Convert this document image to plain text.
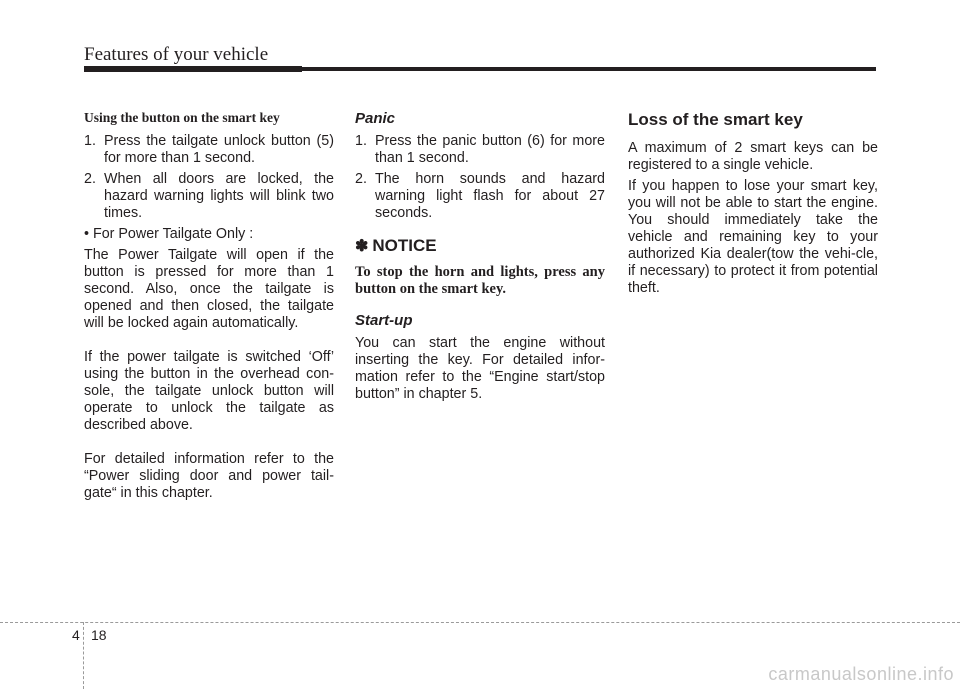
Features of your vehicle
Using the button on the smart key
1. Press the tailgate unlock button (5) for more than 1 second.
2. When all doors are locked, the hazard warning lights will blink two times.

• For Power Tailgate Only :

The Power Tailgate will open if the button is pressed for more than 1 second. Also, once the tailgate is opened and then closed, the tailgate will be locked again automatically.

If the power tailgate is switched ‘Off’ using the button in the overhead con-sole, the tailgate unlock button will operate to unlock the tailgate as described above.

For detailed information refer to the “Power sliding door and power tail-gate“ in this chapter.

Panic
1. Press the panic button (6) for more than 1 second.
2. The horn sounds and hazard warning light flash for about 27 seconds.
✽ NOTICE
To stop the horn and lights, press any button on the smart key.
Start-up

You can start the engine without inserting the key. For detailed infor-mation refer to the “Engine start/stop button” in chapter 5.

Loss of the smart key

A maximum of 2 smart keys can be registered to a single vehicle.

If you happen to lose your smart key, you will not be able to start the engine. You should immediately take the vehicle and remaining key to your authorized Kia dealer(tow the vehi-cle, if necessary) to protect it from potential theft.

4 18
carmanualsonline.info
